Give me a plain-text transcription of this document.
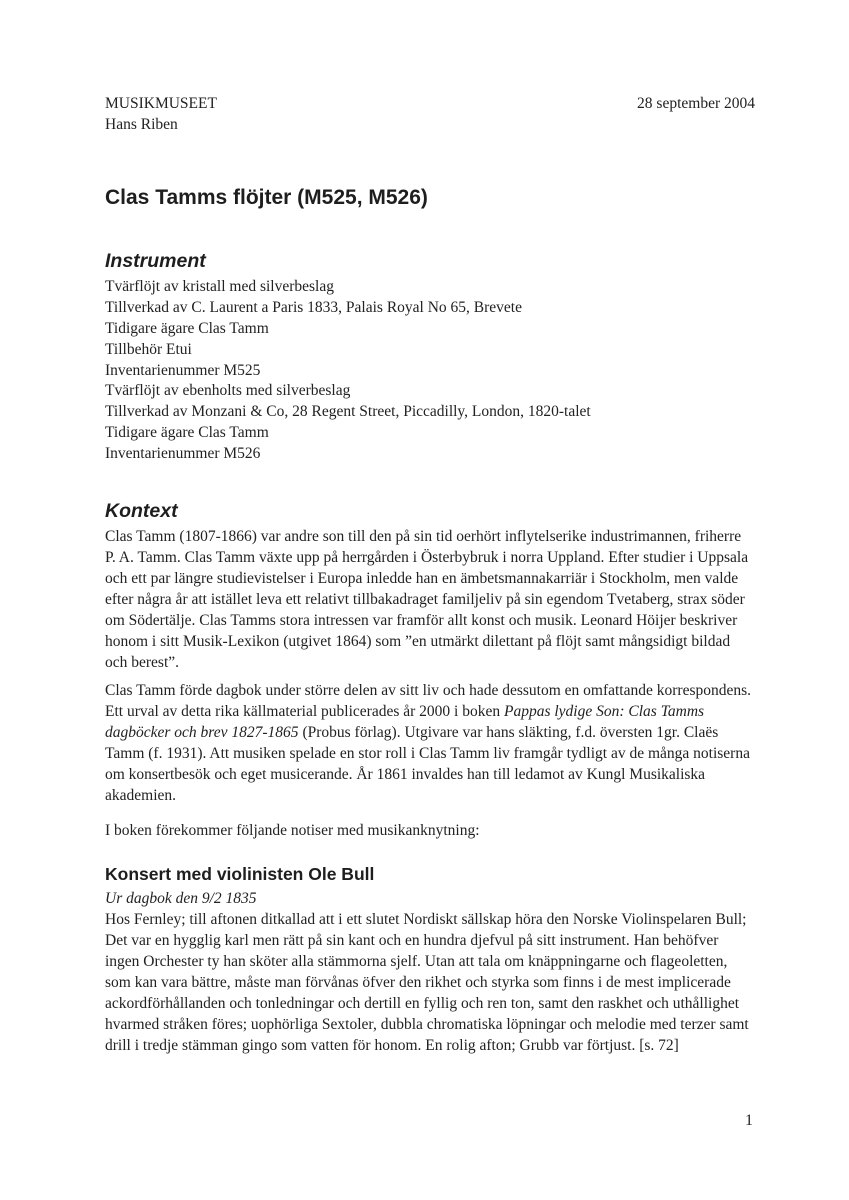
MUSIKMUSEET
Hans Riben
28 september 2004
Clas Tamms flöjter (M525, M526)
Instrument
Tvärflöjt av kristall med silverbeslag
Tillverkad av C. Laurent a Paris 1833, Palais Royal No 65, Brevete
Tidigare ägare Clas Tamm
Tillbehör Etui
Inventarienummer M525
Tvärflöjt av ebenholts med silverbeslag
Tillverkad av Monzani & Co, 28 Regent Street, Piccadilly, London, 1820-talet
Tidigare ägare Clas Tamm
Inventarienummer M526
Kontext

Clas Tamm (1807-1866) var andre son till den på sin tid oerhört inflytelserike industrimannen, friherre P. A. Tamm. Clas Tamm växte upp på herrgården i Österbybruk i norra Uppland. Efter studier i Uppsala och ett par längre studievistelser i Europa inledde han en ämbetsmannakarriär i Stockholm, men valde efter några år att istället leva ett relativt tillbakadraget familjeliv på sin egendom Tvetaberg, strax söder om Södertälje. Clas Tamms stora intressen var framför allt konst och musik. Leonard Höijer beskriver honom i sitt Musik-Lexikon (utgivet 1864) som ”en utmärkt dilettant på flöjt samt mångsidigt bildad och berest”.

Clas Tamm förde dagbok under större delen av sitt liv och hade dessutom en omfattande korrespondens. Ett urval av detta rika källmaterial publicerades år 2000 i boken Pappas lydige Son: Clas Tamms dagböcker och brev 1827-1865 (Probus förlag). Utgivare var hans släkting, f.d. översten 1gr. Claës Tamm (f. 1931). Att musiken spelade en stor roll i Clas Tamm liv framgår tydligt av de många notiserna om konsertbesök och eget musicerande. År 1861 invaldes han till ledamot av Kungl Musikaliska akademien.

I boken förekommer följande notiser med musikanknytning:
Konsert med violinisten Ole Bull
Ur dagbok den 9/2 1835

Hos Fernley; till aftonen ditkallad att i ett slutet Nordiskt sällskap höra den Norske Violinspelaren Bull; Det var en hygglig karl men rätt på sin kant och en hundra djefvul på sitt instrument. Han behöfver ingen Orchester ty han sköter alla stämmorna sjelf. Utan att tala om knäppningarne och flageoletten, som kan vara bättre, måste man förvånas öfver den rikhet och styrka som finns i de mest implicerade ackordförhållanden och tonledningar och dertill en fyllig och ren ton, samt den raskhet och uthållighet hvarmed stråken föres; uophörliga Sextoler, dubbla chromatiska löpningar och melodie med terzer samt drill i tredje stämman gingo som vatten för honom. En rolig afton; Grubb var förtjust. [s. 72]

1
